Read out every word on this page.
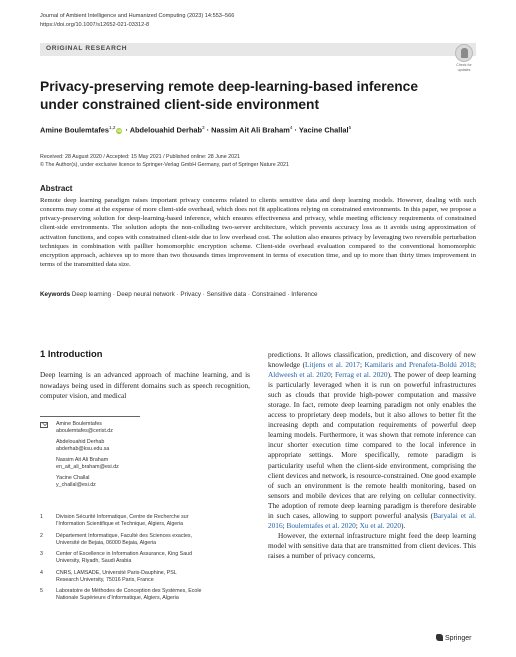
Journal of Ambient Intelligence and Humanized Computing (2023) 14:553–566
https://doi.org/10.1007/s12652-021-03312-8
ORIGINAL RESEARCH
Check for
updates
Privacy‑preserving remote deep‑learning‑based inference
under constrained client‑side environment
Amine Boulemtafes$^{1,2}$iD · Abdelouahid Derhab$^3$ · Nassim Ait Ali Braham$^4$ · Yacine Challal$^5$
Received: 28 August 2020 / Accepted: 15 May 2021 / Published online: 28 June 2021
© The Author(s), under exclusive licence to Springer-Verlag GmbH Germany, part of Springer Nature 2021
Abstract
Remote deep learning paradigm raises important privacy concerns related to clients sensitive data and deep learning models. However, dealing with such concerns may come at the expense of more client-side overhead, which does not fit applications relying on constrained environments. In this paper, we propose a privacy-preserving solution for deep-learning-based inference, which ensures effectiveness and privacy, while meeting efficiency requirements of constrained client-side environments. The solution adopts the non-colluding two-server architecture, which prevents accuracy loss as it avoids using approximation of activation functions, and copes with constrained client-side due to low overhead cost. The solution also ensures privacy by leveraging two reversible perturbation techniques in combination with paillier homomorphic encryption scheme. Client-side overhead evaluation compared to the conventional homomorphic encryption approach, achieves up to more than two thousands times improvement in terms of execution time, and up to more than thirty times improvement in terms of the transmitted data size.
Keywords Deep learning · Deep neural network · Privacy · Sensitive data · Constrained · Inference
1 Introduction
Deep learning is an advanced approach of machine learning, and is nowadays being used in different domains such as speech recognition, computer vision, and medical
Amine Boulemtafes
aboulemtafes@cerist.dz
Abdelouahid Derhab
abderhab@ksu.edu.sa
Nassim Ait Ali Braham
en_ait_ali_braham@esi.dz
Yacine Challal
y_challal@esi.dz
1	Division Sécurité Informatique, Centre de Recherche sur
l’Information Scientifique et Technique, Algiers, Algeria
2	Département Informatique, Faculté des Sciences exactes,
Université de Bejaia, 06000 Bejaia, Algeria
3	Center of Excellence in Information Assurance, King Saud
University, Riyadh, Saudi Arabia
4	CNRS, LAMSADE, Université Paris-Dauphine, PSL
Research University, 75016 Paris, France
5	Laboratoire de Méthodes de Conception des Systèmes, Ecole
Nationale Supérieure d’Informatique, Algiers, Algeria

predictions. It allows classification, prediction, and discovery of new knowledge (Litjens et al. 2017; Kamilaris and Prenafeta-Boldú 2018; Aldweesh et al. 2020; Ferrag et al. 2020). The power of deep learning is particularly leveraged when it is run on powerful infrastructures such as clouds that provide high-power computation and massive storage. In fact, remote deep learning paradigm not only enables the access to proprietary deep models, but it also allows to better fit the increasing depth and computation requirements of powerful deep learning models. Furthermore, it was shown that remote inference can incur shorter execution time compared to the local inference in appropriate settings. More specifically, remote paradigm is particularity useful when the client-side environment, comprising the client devices and network, is resource-constrained. One good example of such an environment is the remote health monitoring, based on sensors and mobile devices that are relying on cellular connectivity. The adoption of remote deep learning paradigm is therefore desirable in such cases, allowing to support powerful analysis (Baryalai et al. 2016; Boulemtafes et al. 2020; Xu et al. 2020).

However, the external infrastructure might feed the deep learning model with sensitive data that are transmitted from client devices. This raises a number of privacy concerns,

Springer
